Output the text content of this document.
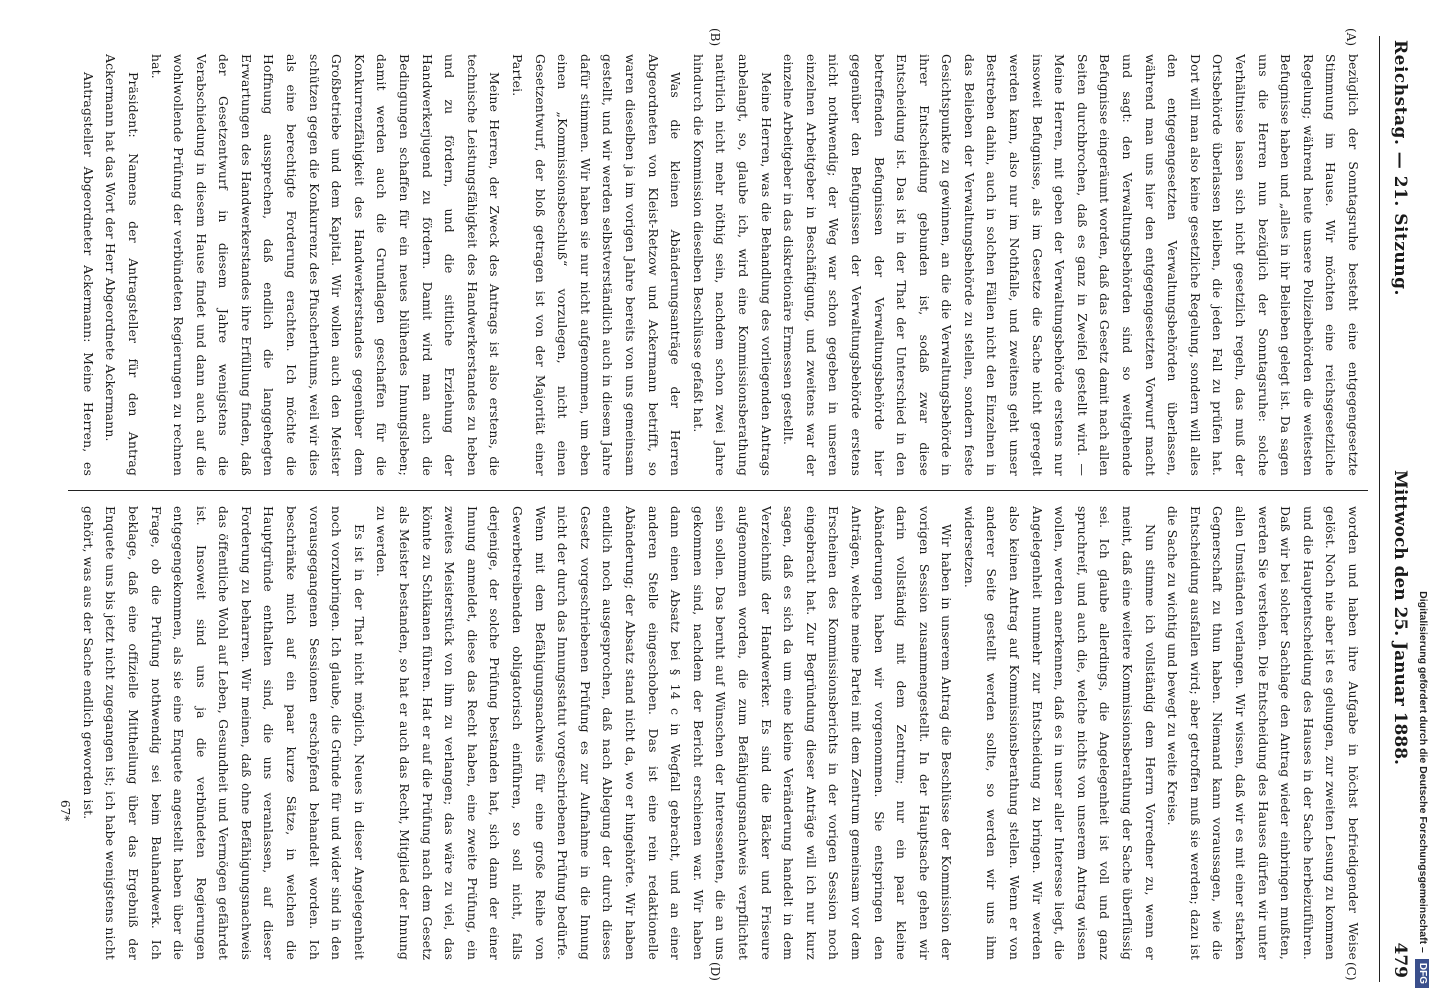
Reichstag. — 21. Sitzung.
Mittwoch den 25. Januar 1888.
479
(A)
(B)
(C)
(D)

bezüglich der Sonntagsruhe besteht eine entgegengesetzte Stimmung im Hause. Wir möchten eine reichsgesetzliche Regelung; während heute unsere Polizeibehörden die weitesten Befugnisse haben und „alles in ihr Belieben gelegt ist. Da sagen uns die Herren nun bezüglich der Sonntagsruhe: solche Verhältnisse lassen sich nicht gesetzlich regeln, das muß der Ortsbehörde überlassen bleiben, die jeden Fall zu prüfen hat. Dort will man also keine gesetzliche Regelung, sondern will alles den entgegengesetzten Verwaltungsbehörden überlassen, während man uns hier den entgegengesetzten Vorwurf macht und sagt: den Verwaltungsbehörden sind so weitgehende Befugnisse eingeräumt worden, daß das Gesetz damit nach allen Seiten durchbrochen, daß es ganz in Zweifel gestellt wird. — Meine Herren, mit geben der Verwaltungsbehörde erstens nur insoweit Befugnisse, als im Gesetze die Sache nicht geregelt werden kann, also nur im Nothfalle, und zweitens geht unser Bestreben dahin, auch in solchen Fällen nicht den Einzelnen in das Belieben der Verwaltungsbehörde zu stellen, sondern feste Gesichtspunkte zu gewinnen, an die die Verwaltungsbehörde in ihrer Entscheidung gebunden ist, sodaß zwar diese Entscheidung ist. Das ist in der That der Unterschied in den betreffenden Befugnissen der Verwaltungsbehörde hier gegenüber den Befugnissen der Verwaltungsbehörde erstens nicht nothwendig; der Weg war schon gegeben in unseren einzelnen Arbeitgeber in Beschäftigung, und zweitens war der einzelne Arbeitgeber in das diskretionäre Ermessen gestellt.

Meine Herren, was die Behandlung des vorliegenden Antrags anbelangt, so, glaube ich, wird eine Kommissionsberathung natürlich nicht mehr nöthig sein, nachdem schon zwei Jahre hindurch die Kommission dieselben Beschlüsse gefaßt hat.

Was die kleinen Abänderungsanträge der Herren Abgeordneten von Kleist-Retzow und Ackermann betrifft, so waren dieselben ja im vorigen Jahre bereits von uns gemeinsam gestellt, und wir werden selbstverständlich auch in diesem Jahre dafür stimmen. Wir haben sie nur nicht aufgenommen, um eben einen „Kommissionsbeschluß“ vorzulegen, nicht einen Gesetzentwurf, der bloß getragen ist von der Majorität einer Partei.

Meine Herren, der Zweck des Antrags ist also erstens, die technische Leistungsfähigkeit des Handwerkerstandes zu heben und zu fördern, und die sittliche Erziehung der Handwerkerjugend zu fördern. Damit wird man auch die Bedingungen schaffen für ein neues blühendes Innungsleben; damit werden auch die Grundlagen geschaffen für die Konkurrenzfähigkeit des Handwerkerstandes gegenüber dem Großbetriebe und dem Kapital. Wir wollen auch den Meister schützen gegen die Konkurrenz des Pfuscherthums, weil wir dies als eine berechtigte Forderung erachten. Ich möchte die Hoffnung aussprechen, daß endlich die langgehegten Erwartungen des Handwerkerstandes ihre Erfüllung finden, daß der Gesetzentwurf in diesem Jahre wenigstens die Verabschiedung in diesem Hause findet und dann auch auf die wohlwollende Prüfung der verbündeten Regierungen zu rechnen hat.

Präsident: Namens der Antragsteller für den Antrag Ackermann hat das Wort der Herr Abgeordnete Ackermann.

Antragsteller Abgeordneter Ackermann: Meine Herren, es

worden und haben ihre Aufgabe in höchst befriedigender Weise gelöst. Noch nie aber ist es gelungen, zur zweiten Lesung zu kommen und die Hauptentscheidung des Hauses in der Sache herbeizuführen. Daß wir bei solcher Sachlage den Antrag wieder einbringen mußten, werden Sie verstehen. Die Entscheidung des Hauses dürfen wir unter allen Umständen verlangen. Wir wissen, daß wir es mit einer starken Gegnerschaft zu thun haben. Niemand kann voraussagen, wie die Entscheidung ausfallen wird; aber getroffen muß sie werden; dazu ist die Sache zu wichtig und bewegt zu weite Kreise.

Nun stimme ich vollständig dem Herrn Vorredner zu, wenn er meint, daß eine weitere Kommissionsberathung der Sache überflüssig sei. Ich glaube allerdings, die Angelegenheit ist voll und ganz spruchreif, und auch die, welche nichts von unserem Antrag wissen wollen, werden anerkennen, daß es in unser aller Interesse liegt, die Angelegenheit nunmehr zur Entscheidung zu bringen. Wir werden also keinen Antrag auf Kommissionsberathung stellen. Wenn er von anderer Seite gestellt werden sollte, so werden wir uns ihm widersetzen.

Wir haben in unserem Antrag die Beschlüsse der Kommission der vorigen Session zusammengestellt. In der Hauptsache gehen wir darin vollständig mit dem Zentrum; nur ein paar kleine Abänderungen haben wir vorgenommen. Sie entspringen den Anträgen, welche meine Partei mit dem Zentrum gemeinsam vor dem Erscheinen des Kommissionsberichts in der vorigen Session noch eingebracht hat. Zur Begründung dieser Anträge will ich nur kurz sagen, daß es sich da um eine kleine Veränderung handelt in dem Verzeichniß der Handwerker. Es sind die Bäcker und Friseure aufgenommen worden, die zum Befähigungsnachweis verpflichtet sein sollen. Das beruht auf Wünschen der Interessenten, die an uns gekommen sind, nachdem der Bericht erschienen war. Wir haben dann einen Absatz bei § 14 c in Wegfall gebracht, und an einer anderen Stelle eingeschoben. Das ist eine rein redaktionelle Abänderung; der Absatz stand nicht da, wo er hingehörte. Wir haben endlich noch ausgesprochen, daß nach Ablegung der durch dieses Gesetz vorgeschriebenen Prüfung es zur Aufnahme in die Innung nicht der durch das Innungsstatut vorgeschriebenen Prüfung bedürfe. Wenn mit dem Befähigungsnachweis für eine große Reihe von Gewerbetreibenden obligatorisch einführen, so soll nicht, falls derjenige, der solche Prüfung bestanden hat, sich dann der einer Innung anmeldet, diese das Recht haben, eine zweite Prüfung, ein zweites Meisterstück von ihm zu verlangen; das wäre zu viel, das könnte zu Schikanen führen. Hat er auf die Prüfung nach dem Gesetz als Meister bestanden, so hat er auch das Recht, Mitglied der Innung zu werden.

Es ist in der That nicht möglich, Neues in dieser Angelegenheit noch vorzubringen. Ich glaube, die Gründe für und wider sind in den vorausgegangenen Sessionen erschöpfend behandelt worden. Ich beschränke mich auf ein paar kurze Sätze, in welchen die Hauptgründe enthalten sind, die uns veranlassen, auf dieser Forderung zu beharren. Wir meinen, daß ohne Befähigungsnachweis das öffentliche Wohl auf Leben, Gesundheit und Vermögen gefährdet ist. Insoweit sind uns ja die verbündeten Regierungen entgegengekommen, als sie eine Enquete angestellt haben über die Frage, ob die Prüfung nothwendig sei beim Bauhandwerk. Ich beklage, daß eine offizielle Mittheilung über das Ergebniß der Enquete uns bis jetzt nicht zugegangen ist; ich habe wenigstens nicht gehört, was aus der Sache endlich geworden ist.

67*	Digitalisierung gefördert durch die Deutsche Forschungsgemeinschaft –DFG
